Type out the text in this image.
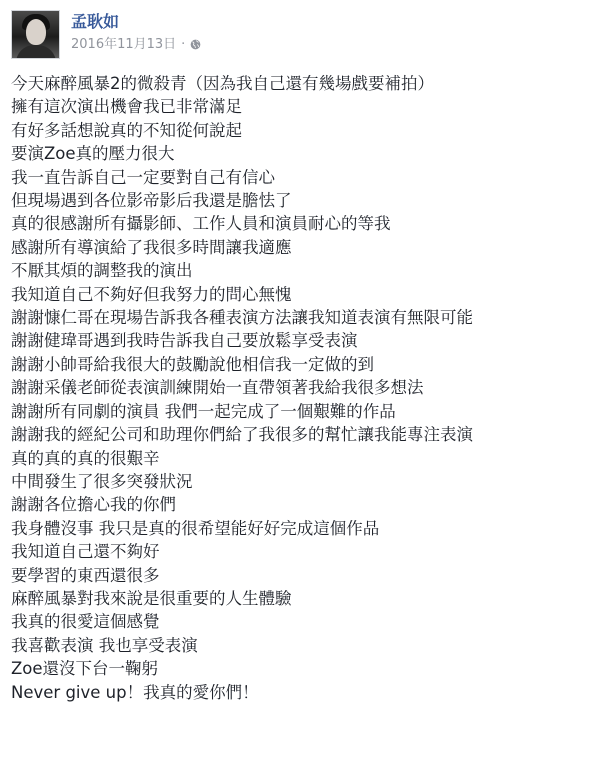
孟耿如
2016年11月13日 ·
今天麻醉風暴2的微殺青（因為我自己還有幾場戲要補拍）
擁有這次演出機會我已非常滿足
有好多話想說真的不知從何說起
要演Zoe真的壓力很大
我一直告訴自己一定要對自己有信心
但現場遇到各位影帝影后我還是膽怯了
真的很感謝所有攝影師、工作人員和演員耐心的等我
感謝所有導演給了我很多時間讓我適應
不厭其煩的調整我的演出
我知道自己不夠好但我努力的問心無愧
謝謝慷仁哥在現場告訴我各種表演方法讓我知道表演有無限可能
謝謝健瑋哥遇到我時告訴我自己要放鬆享受表演
謝謝小帥哥給我很大的鼓勵說他相信我一定做的到
謝謝采儀老師從表演訓練開始一直帶領著我給我很多想法
謝謝所有同劇的演員 我們一起完成了一個艱難的作品
謝謝我的經紀公司和助理你們給了我很多的幫忙讓我能專注表演
真的真的真的很艱辛
中間發生了很多突發狀況
謝謝各位擔心我的你們
我身體沒事 我只是真的很希望能好好完成這個作品
我知道自己還不夠好
要學習的東西還很多
麻醉風暴對我來說是很重要的人生體驗
我真的很愛這個感覺
我喜歡表演 我也享受表演
Zoe還沒下台一鞠躬
Never give up！我真的愛你們！
